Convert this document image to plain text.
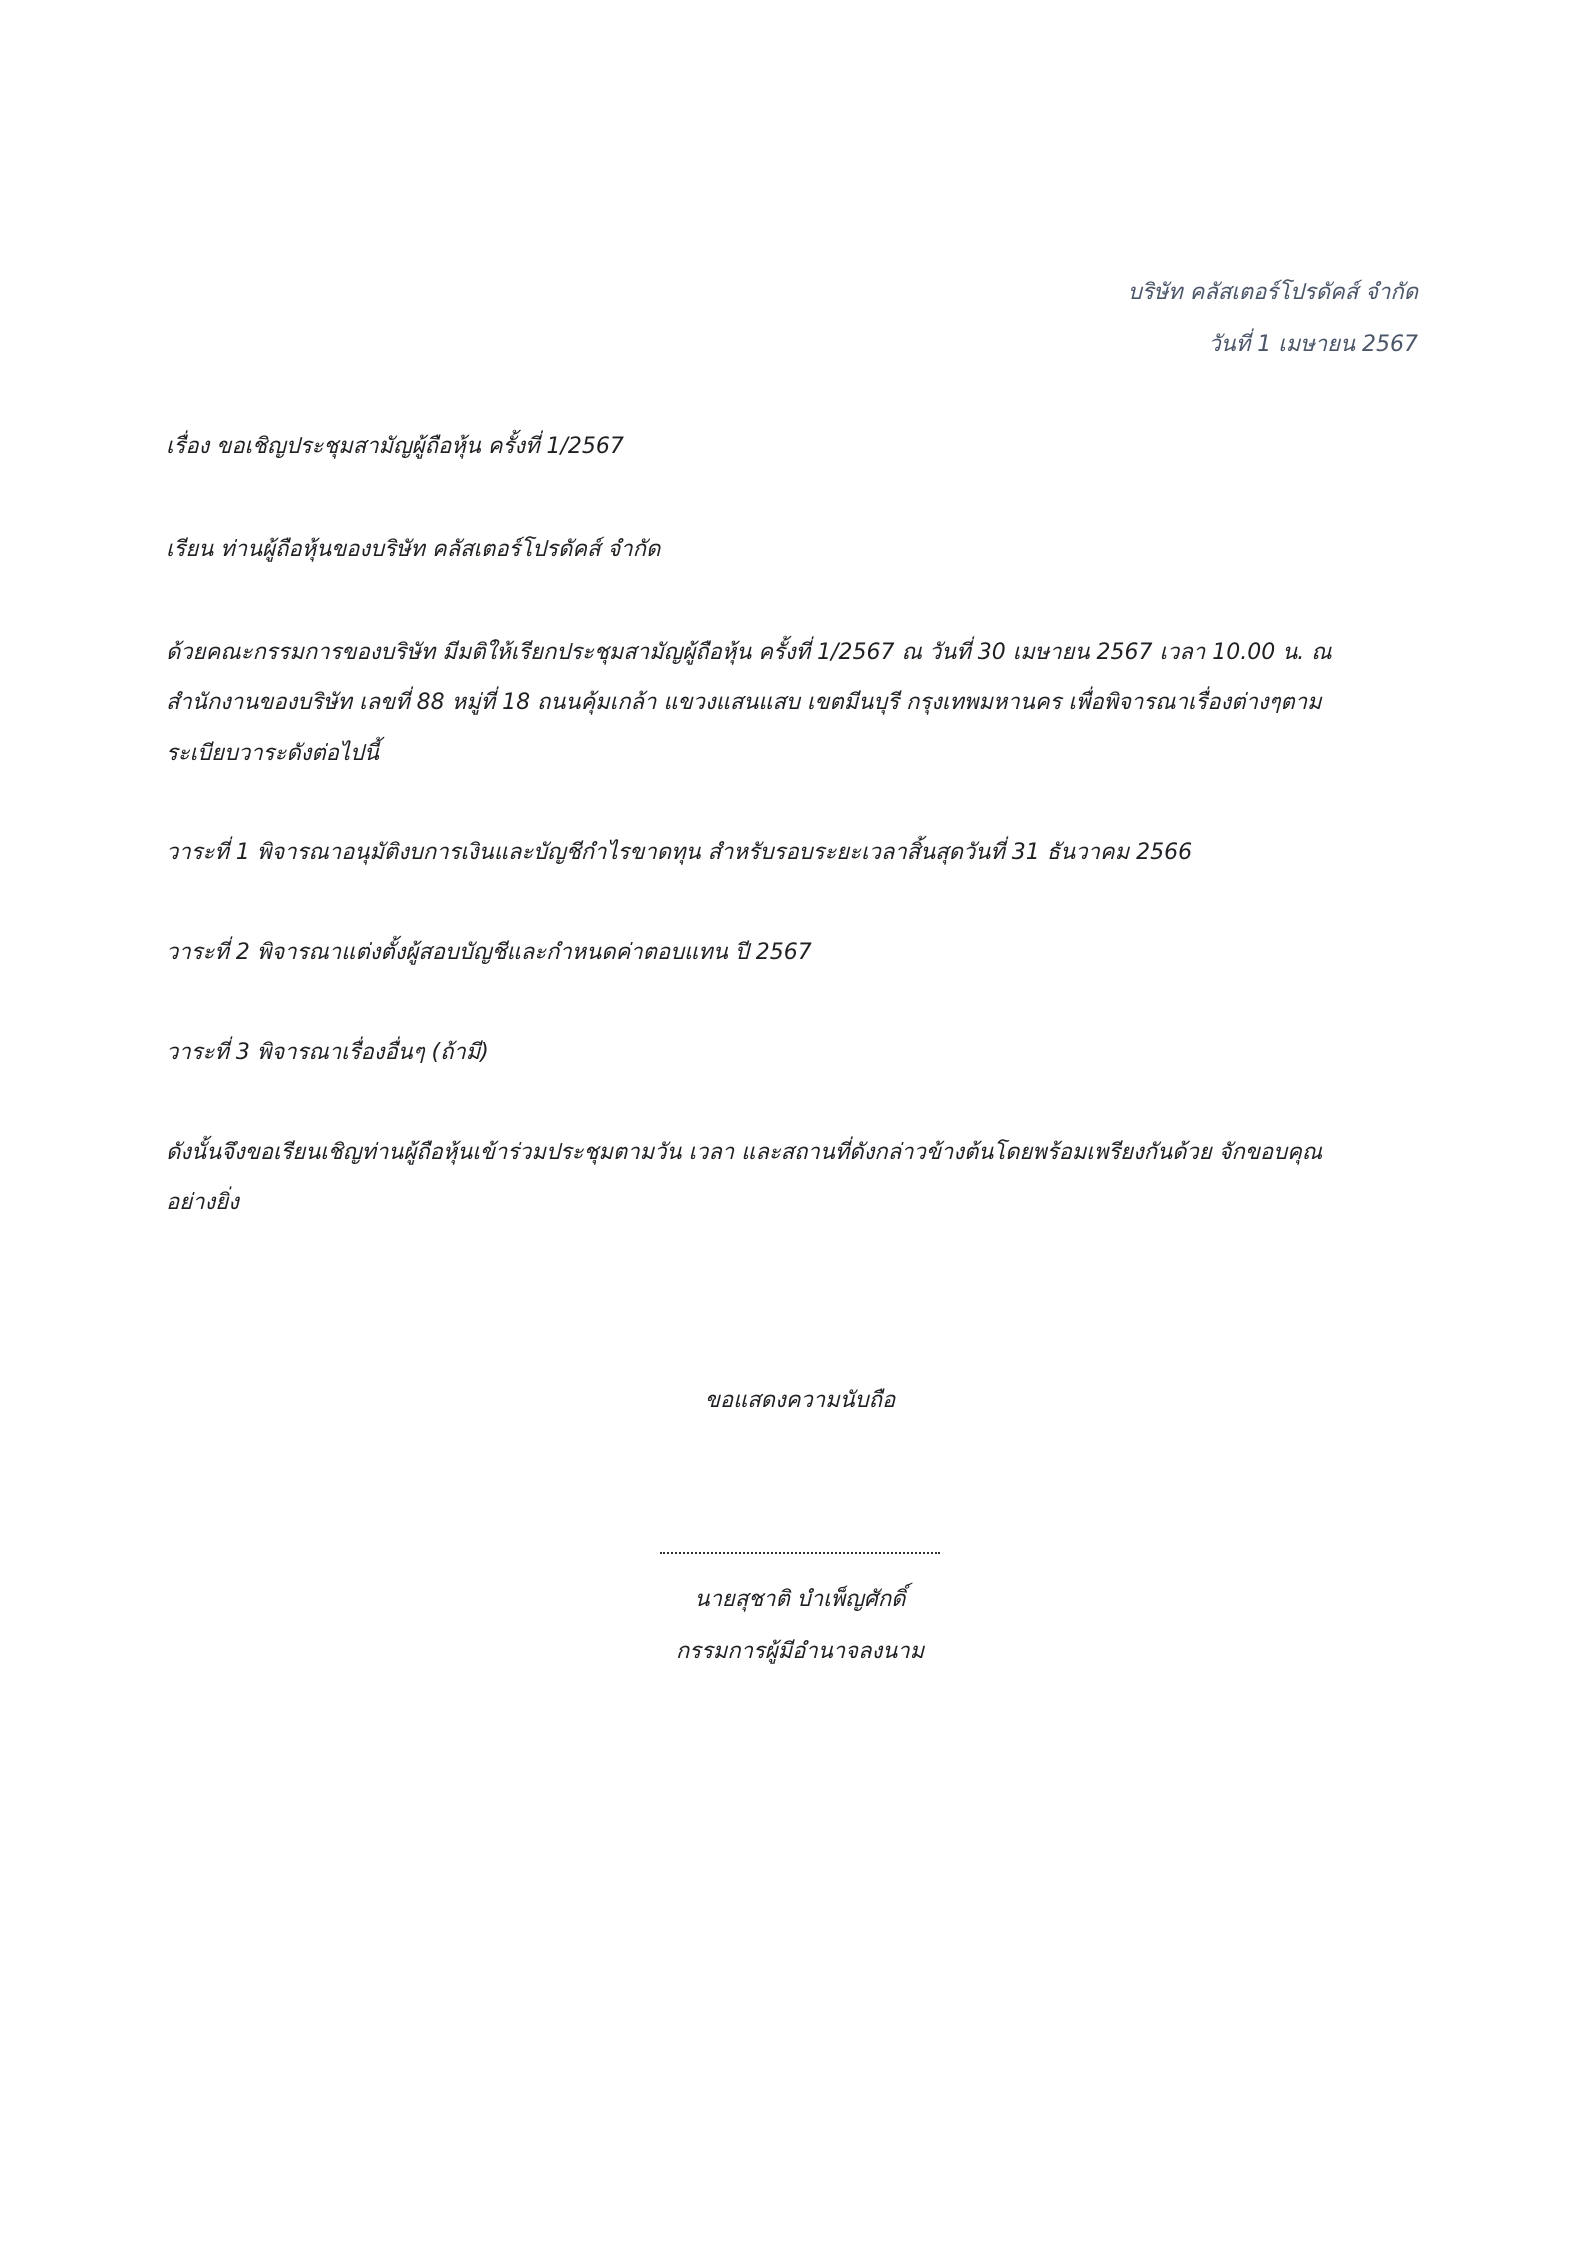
บริษัท คลัสเตอร์โปรดัคส์ จำกัด
วันที่ 1 เมษายน 2567
เรื่อง ขอเชิญประชุมสามัญผู้ถือหุ้น ครั้งที่ 1/2567
เรียน ท่านผู้ถือหุ้นของบริษัท คลัสเตอร์โปรดัคส์ จำกัด
ด้วยคณะกรรมการของบริษัท มีมติให้เรียกประชุมสามัญผู้ถือหุ้น ครั้งที่ 1/2567 ณ วันที่ 30 เมษายน 2567 เวลา 10.00 น. ณ
สำนักงานของบริษัท เลขที่ 88 หมู่ที่ 18 ถนนคุ้มเกล้า แขวงแสนแสบ เขตมีนบุรี กรุงเทพมหานคร เพื่อพิจารณาเรื่องต่างๆตาม
ระเบียบวาระดังต่อไปนี้
วาระที่ 1 พิจารณาอนุมัติงบการเงินและบัญชีกำไรขาดทุน สำหรับรอบระยะเวลาสิ้นสุดวันที่ 31 ธันวาคม 2566
วาระที่ 2 พิจารณาแต่งตั้งผู้สอบบัญชีและกำหนดค่าตอบแทน ปี 2567
วาระที่ 3 พิจารณาเรื่องอื่นๆ (ถ้ามี)
ดังนั้นจึงขอเรียนเชิญท่านผู้ถือหุ้นเข้าร่วมประชุมตามวัน เวลา และสถานที่ดังกล่าวข้างต้นโดยพร้อมเพรียงกันด้วย จักขอบคุณ
อย่างยิ่ง
ขอแสดงความนับถือ
นายสุชาติ บำเพ็ญศักดิ์
กรรมการผู้มีอำนาจลงนาม
